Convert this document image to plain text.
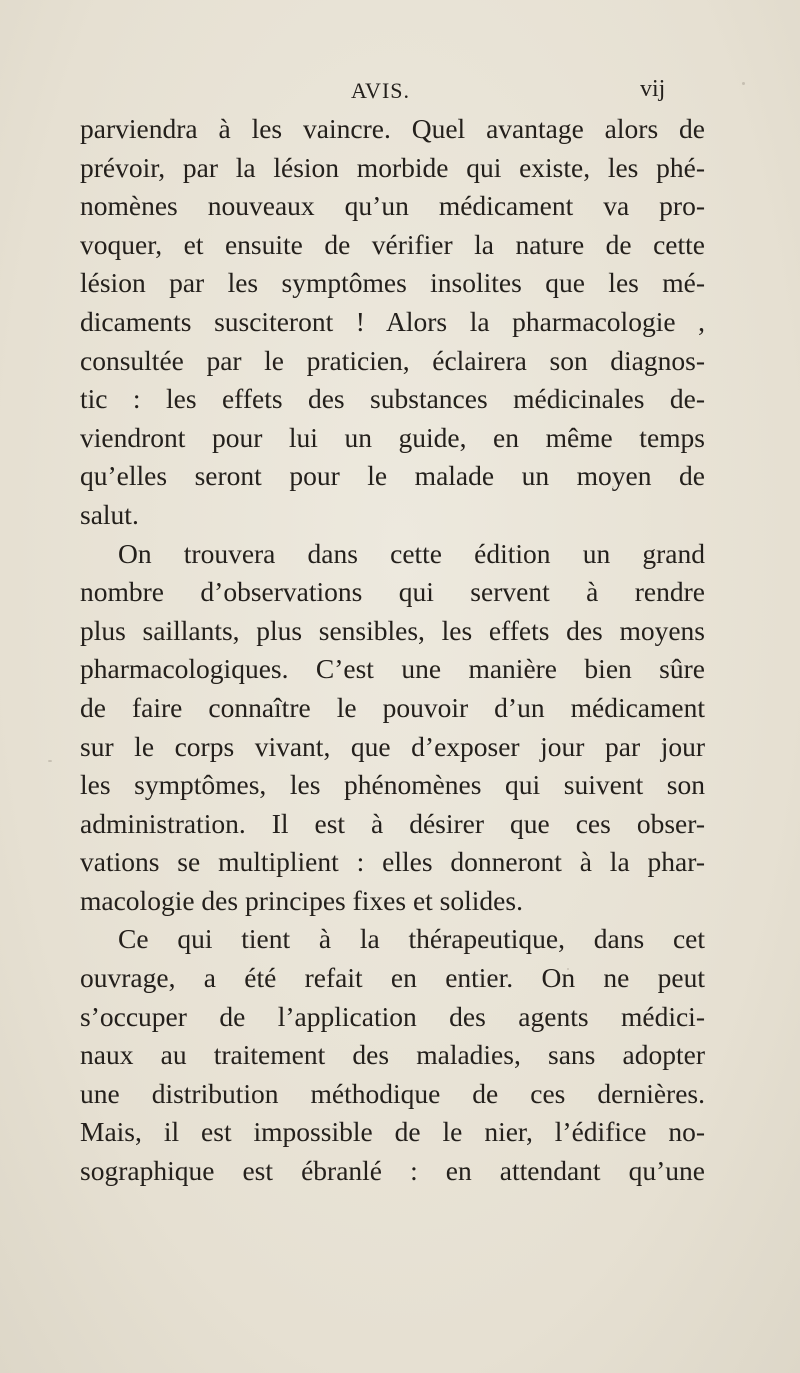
AVIS.	vij
parviendra à les vaincre. Quel avantage alors de
prévoir, par la lésion morbide qui existe, les phé-
nomènes nouveaux qu’un médicament va pro-
voquer, et ensuite de vérifier la nature de cette
lésion par les symptômes insolites que les mé-
dicaments susciteront ! Alors la pharmacologie ,
consultée par le praticien, éclairera son diagnos-
tic : les effets des substances médicinales de-
viendront pour lui un guide, en même temps
qu’elles seront pour le malade un moyen de
salut.
On trouvera dans cette édition un grand
nombre d’observations qui servent à rendre
plus saillants, plus sensibles, les effets des moyens
pharmacologiques. C’est une manière bien sûre
de faire connaître le pouvoir d’un médicament
sur le corps vivant, que d’exposer jour par jour
les symptômes, les phénomènes qui suivent son
administration. Il est à désirer que ces obser-
vations se multiplient : elles donneront à la phar-
macologie des principes fixes et solides.
Ce qui tient à la thérapeutique, dans cet
ouvrage, a été refait en entier. On ne peut
s’occuper de l’application des agents médici-
naux au traitement des maladies, sans adopter
une distribution méthodique de ces dernières.
Mais, il est impossible de le nier, l’édifice no-
sographique est ébranlé : en attendant qu’une
